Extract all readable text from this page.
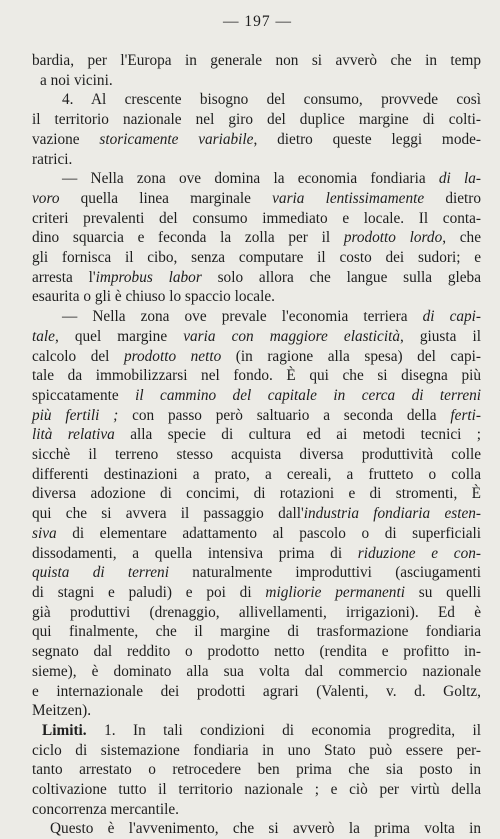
— 197 —
bardia, per l'Europa in generale non si avverò che in temp
a noi vicini.
4. Al crescente bisogno del consumo, provvede così
il territorio nazionale nel giro del duplice margine di colti-
vazione storicamente variabile, dietro queste leggi mode-
ratrici.
— Nella zona ove domina la economia fondiaria di la-
voro quella linea marginale varia lentissimamente dietro
criteri prevalenti del consumo immediato e locale. Il conta-
dino squarcia e feconda la zolla per il prodotto lordo, che
gli fornisca il cibo, senza computare il costo dei sudori; e
arresta l'improbus labor solo allora che langue sulla gleba
esaurita o gli è chiuso lo spaccio locale.
— Nella zona ove prevale l'economia terriera di capi-
tale, quel margine varia con maggiore elasticità, giusta il
calcolo del prodotto netto (in ragione alla spesa) del capi-
tale da immobilizzarsi nel fondo. È qui che si disegna più
spiccatamente il cammino del capitale in cerca di terreni
più fertili ; con passo però saltuario a seconda della ferti-
lità relativa alla specie di cultura ed ai metodi tecnici ;
sicchè il terreno stesso acquista diversa produttività colle
differenti destinazioni a prato, a cereali, a frutteto o colla
diversa adozione di concimi, di rotazioni e di stromenti, È
qui che si avvera il passaggio dall'industria fondiaria esten-
siva di elementare adattamento al pascolo o di superficiali
dissodamenti, a quella intensiva prima di riduzione e con-
quista di terreni naturalmente improduttivi (asciugamenti
di stagni e paludi) e poi di migliorie permanenti su quelli
già produttivi (drenaggio, allivellamenti, irrigazioni). Ed è
qui finalmente, che il margine di trasformazione fondiaria
segnato dal reddito o prodotto netto (rendita e profitto in-
sieme), è dominato alla sua volta dal commercio nazionale
e internazionale dei prodotti agrari (Valenti, v. d. Goltz,
Meitzen).
Limiti. 1. In tali condizioni di economia progredita, il
ciclo di sistemazione fondiaria in uno Stato può essere per-
tanto arrestato o retrocedere ben prima che sia posto in
coltivazione tutto il territorio nazionale ; e ciò per virtù della
concorrenza mercantile.
Questo è l'avvenimento, che si avverò la prima volta in
